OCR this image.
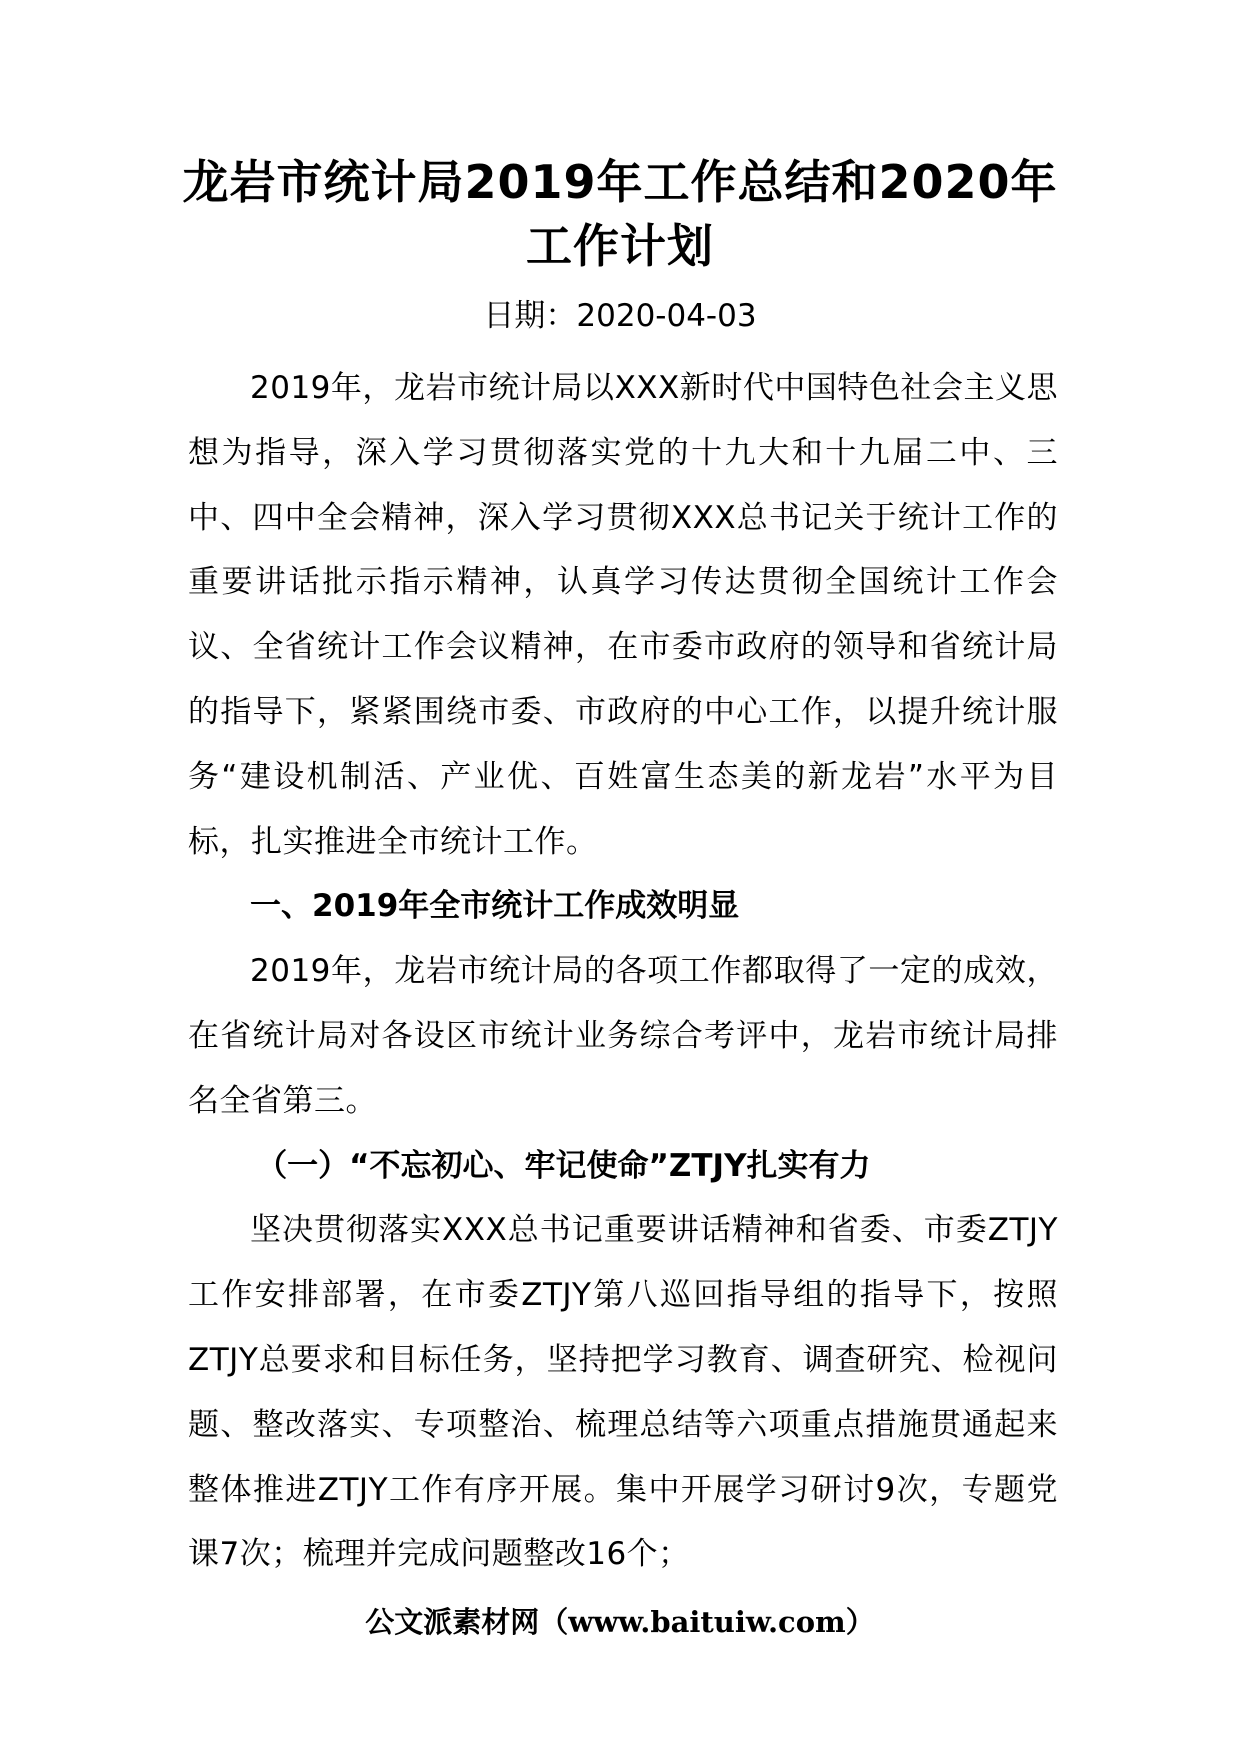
龙岩市统计局2019年工作总结和2020年工作计划
日期：2020-04-03

2019年，龙岩市统计局以XXX新时代中国特色社会主义思想为指导，深入学习贯彻落实党的十九大和十九届二中、三中、四中全会精神，深入学习贯彻XXX总书记关于统计工作的重要讲话批示指示精神，认真学习传达贯彻全国统计工作会议、全省统计工作会议精神，在市委市政府的领导和省统计局的指导下，紧紧围绕市委、市政府的中心工作，以提升统计服务“建设机制活、产业优、百姓富生态美的新龙岩”水平为目标，扎实推进全市统计工作。

一、2019年全市统计工作成效明显

2019年，龙岩市统计局的各项工作都取得了一定的成效，在省统计局对各设区市统计业务综合考评中，龙岩市统计局排名全省第三。

（一）“不忘初心、牢记使命”ZTJY扎实有力

坚决贯彻落实XXX总书记重要讲话精神和省委、市委ZTJY工作安排部署，在市委ZTJY第八巡回指导组的指导下，按照ZTJY总要求和目标任务，坚持把学习教育、调查研究、检视问题、整改落实、专项整治、梳理总结等六项重点措施贯通起来整体推进ZTJY工作有序开展。集中开展学习研讨9次，专题党课7次；梳理并完成问题整改16个；

公文派素材网（www.baituiw.com）
